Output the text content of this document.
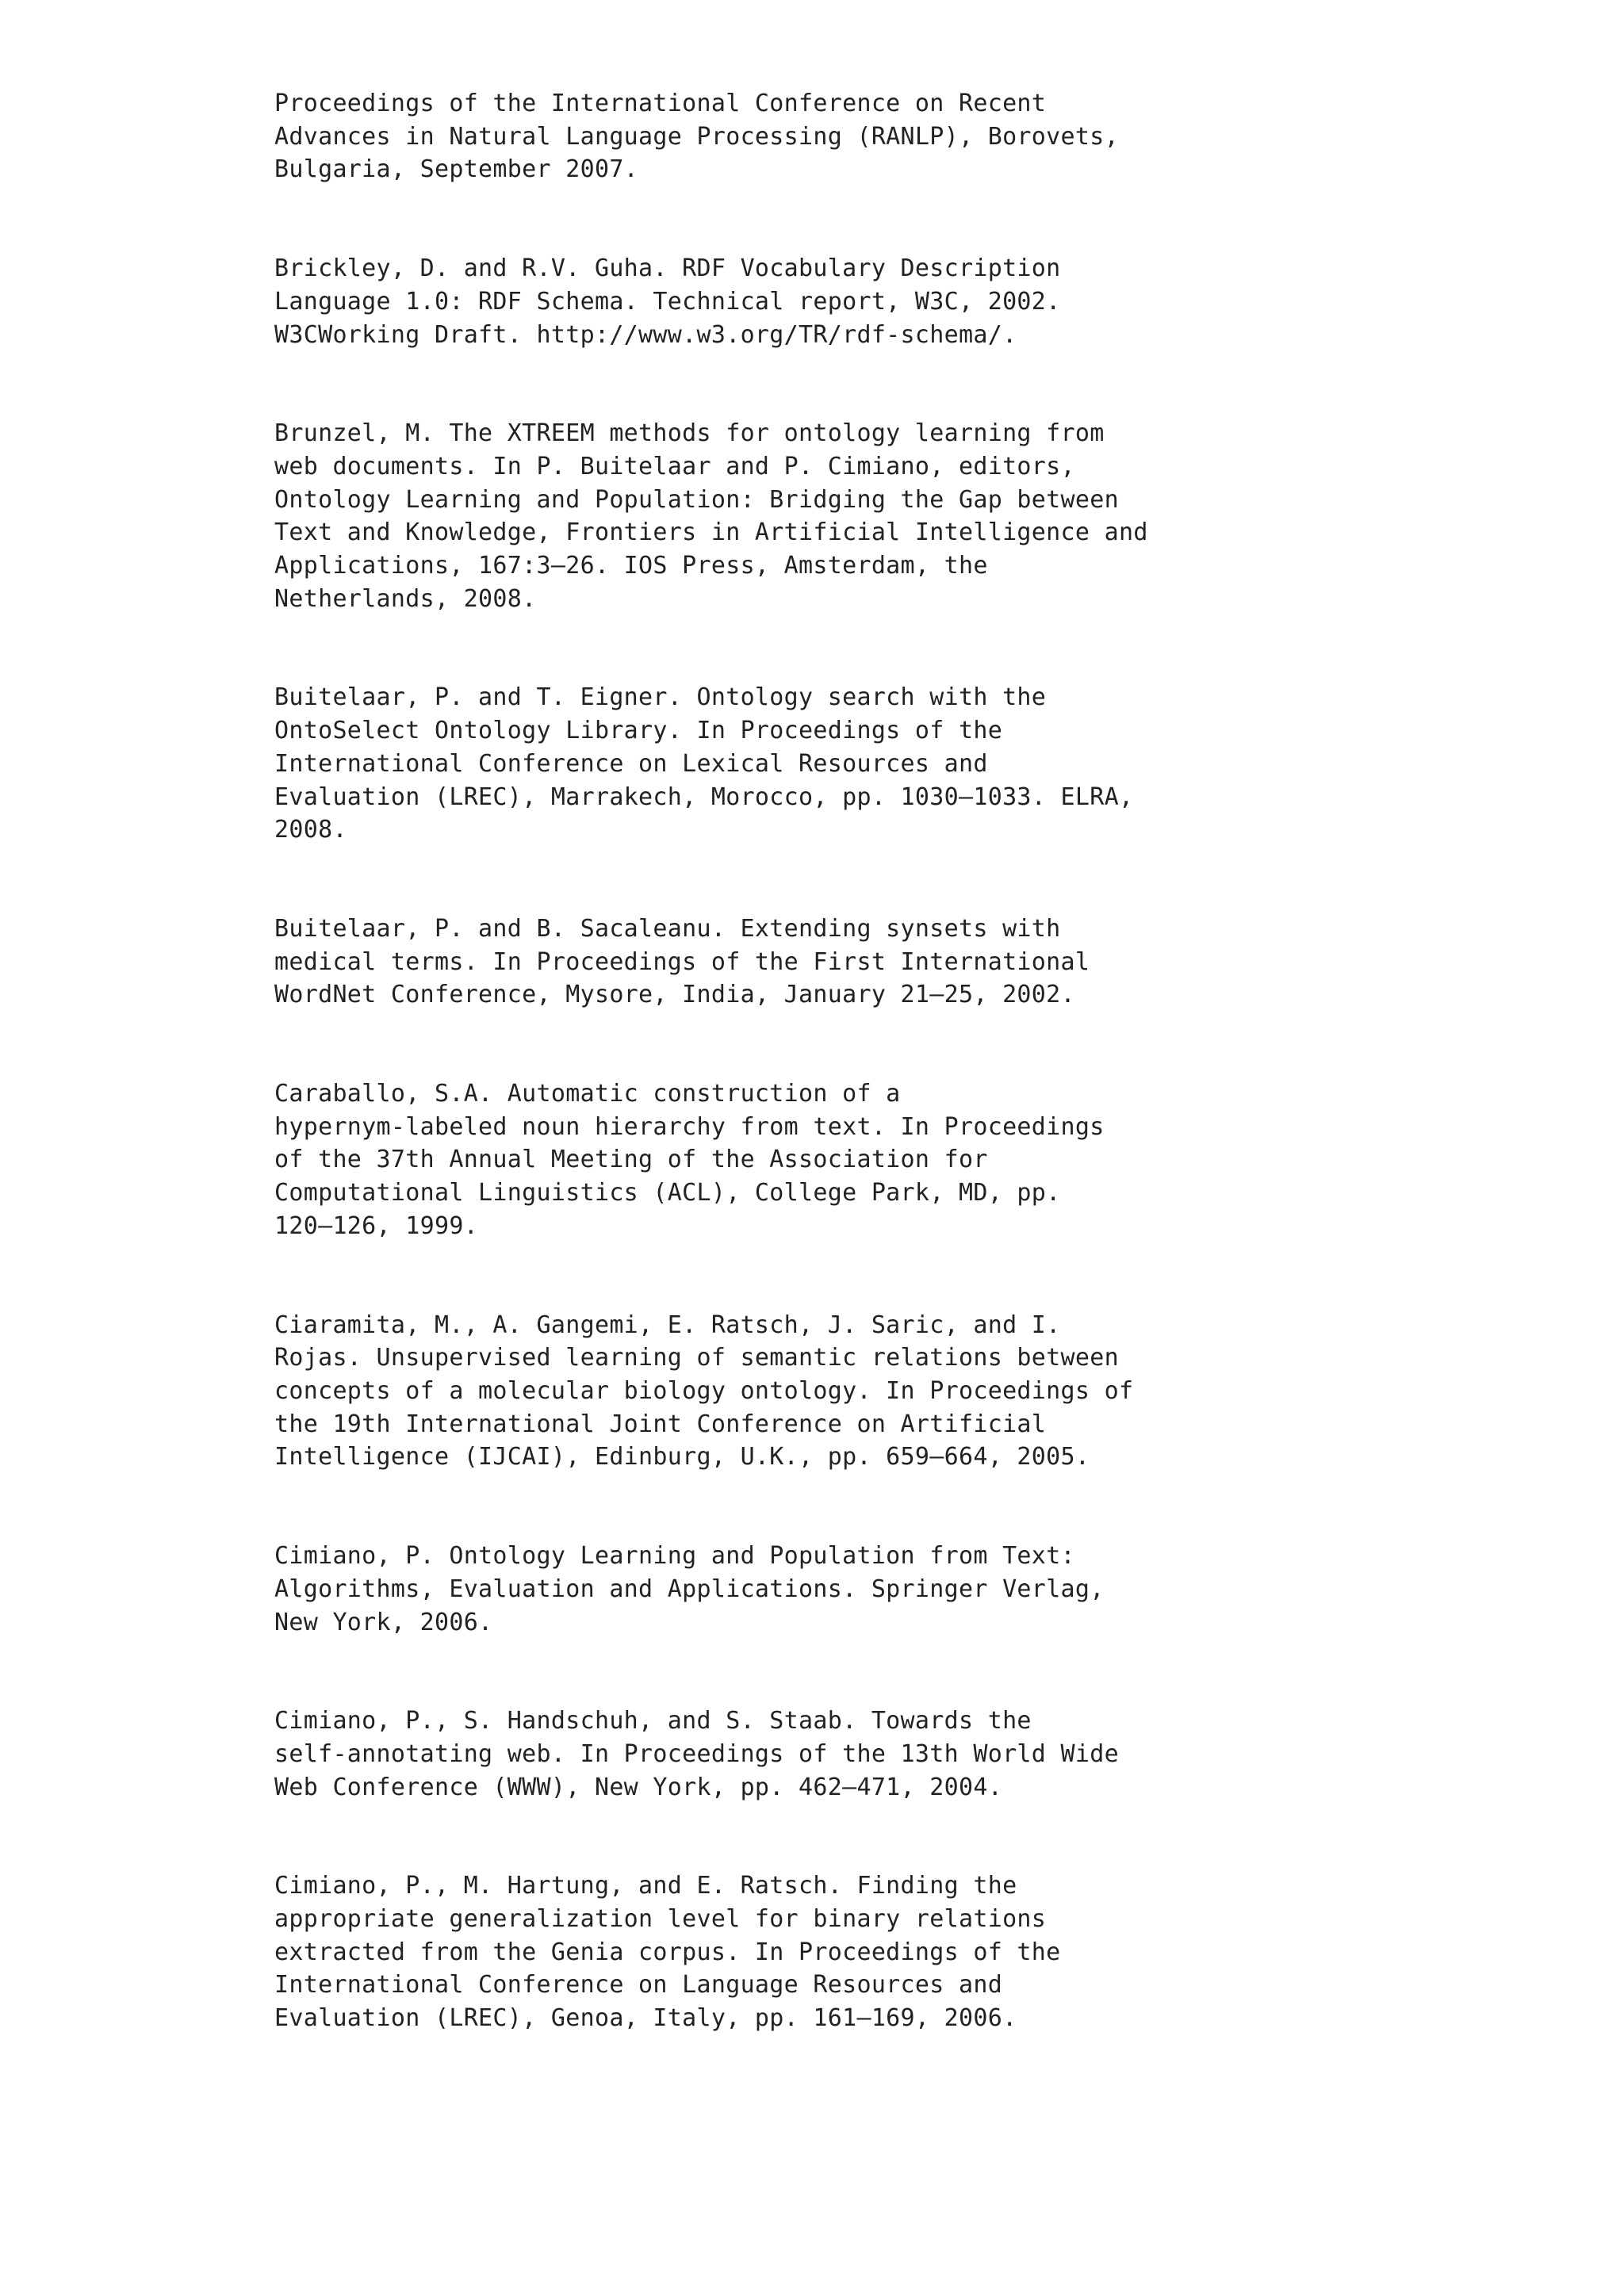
Proceedings of the International Conference on Recent
Advances in Natural Language Processing (RANLP), Borovets,
Bulgaria, September 2007.
Brickley, D. and R.V. Guha. RDF Vocabulary Description
Language 1.0: RDF Schema. Technical report, W3C, 2002.
W3CWorking Draft. http://www.w3.org/TR/rdf-schema/.
Brunzel, M. The XTREEM methods for ontology learning from
web documents. In P. Buitelaar and P. Cimiano, editors,
Ontology Learning and Population: Bridging the Gap between
Text and Knowledge, Frontiers in Artificial Intelligence and
Applications, 167:3–26. IOS Press, Amsterdam, the
Netherlands, 2008.
Buitelaar, P. and T. Eigner. Ontology search with the
OntoSelect Ontology Library. In Proceedings of the
International Conference on Lexical Resources and
Evaluation (LREC), Marrakech, Morocco, pp. 1030–1033. ELRA,
2008.
Buitelaar, P. and B. Sacaleanu. Extending synsets with
medical terms. In Proceedings of the First International
WordNet Conference, Mysore, India, January 21–25, 2002.
Caraballo, S.A. Automatic construction of a
hypernym-labeled noun hierarchy from text. In Proceedings
of the 37th Annual Meeting of the Association for
Computational Linguistics (ACL), College Park, MD, pp.
120–126, 1999.
Ciaramita, M., A. Gangemi, E. Ratsch, J. Saric, and I.
Rojas. Unsupervised learning of semantic relations between
concepts of a molecular biology ontology. In Proceedings of
the 19th International Joint Conference on Artificial
Intelligence (IJCAI), Edinburg, U.K., pp. 659–664, 2005.
Cimiano, P. Ontology Learning and Population from Text:
Algorithms, Evaluation and Applications. Springer Verlag,
New York, 2006.
Cimiano, P., S. Handschuh, and S. Staab. Towards the
self-annotating web. In Proceedings of the 13th World Wide
Web Conference (WWW), New York, pp. 462–471, 2004.
Cimiano, P., M. Hartung, and E. Ratsch. Finding the
appropriate generalization level for binary relations
extracted from the Genia corpus. In Proceedings of the
International Conference on Language Resources and
Evaluation (LREC), Genoa, Italy, pp. 161–169, 2006.
